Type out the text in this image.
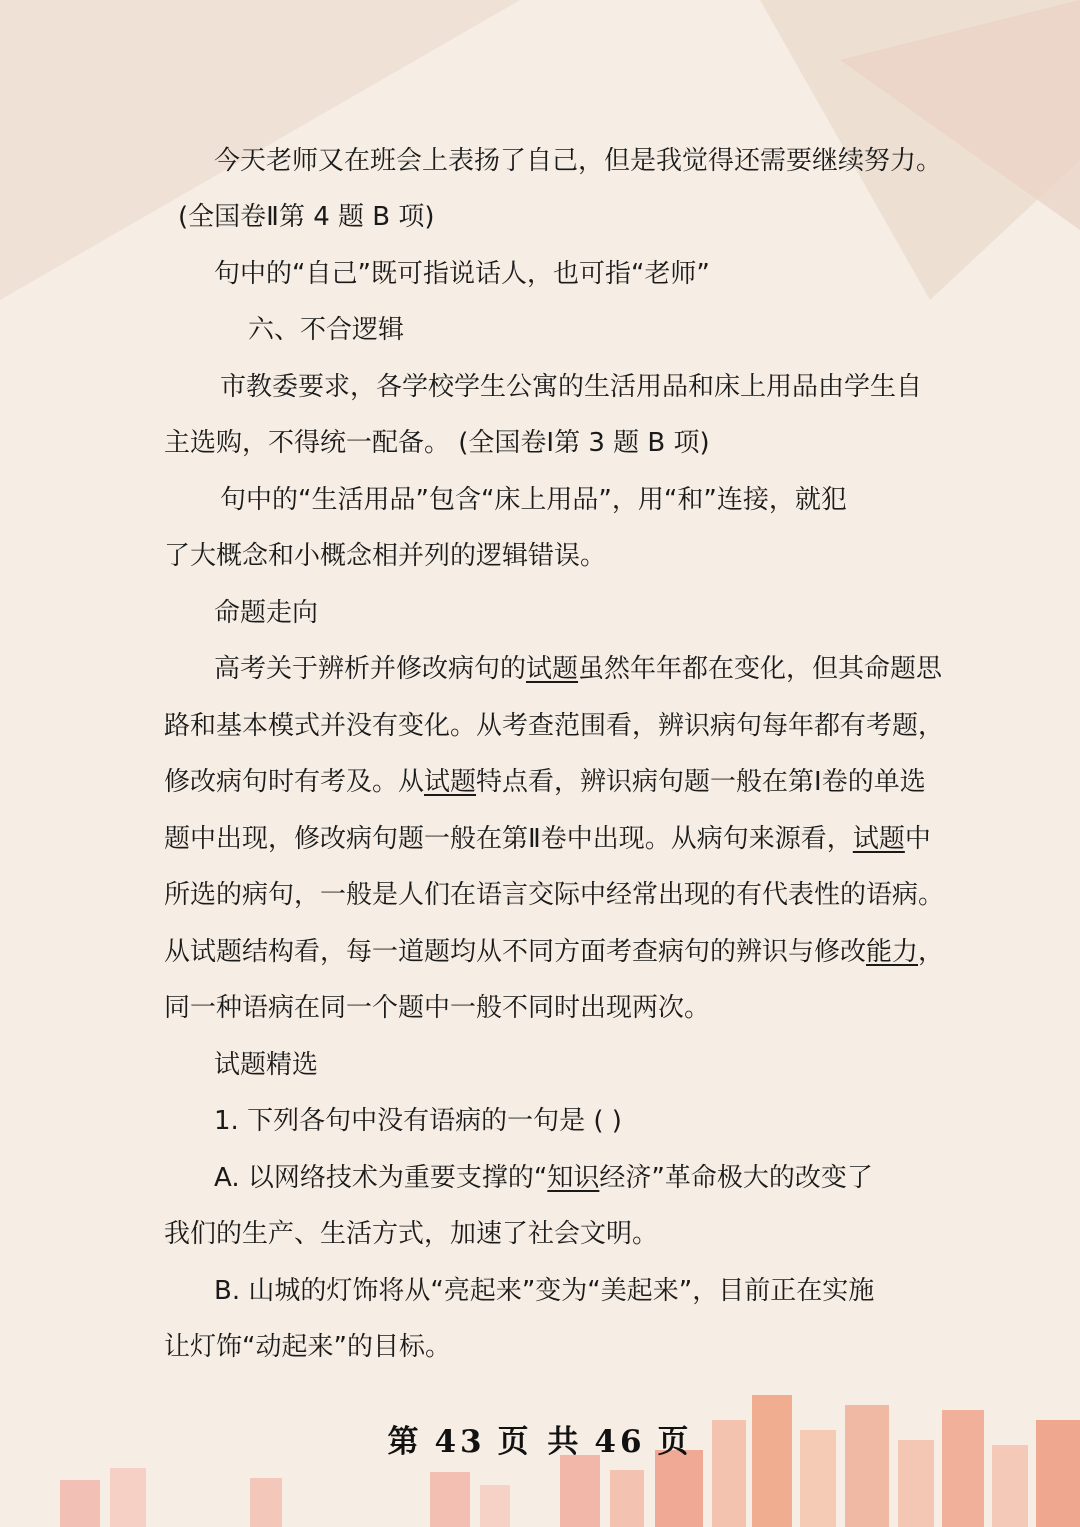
今天老师又在班会上表扬了自己，但是我觉得还需要继续努力。
(全国卷Ⅱ第 4 题 B 项)
句中的“自己”既可指说话人，也可指“老师”
六、不合逻辑
市教委要求，各学校学生公寓的生活用品和床上用品由学生自
主选购，不得统一配备。 (全国卷Ⅰ第 3 题 B 项)
句中的“生活用品”包含“床上用品”，用“和”连接，就犯
了大概念和小概念相并列的逻辑错误。
命题走向
高考关于辨析并修改病句的试题虽然年年都在变化，但其命题思
路和基本模式并没有变化。从考查范围看，辨识病句每年都有考题，
修改病句时有考及。从试题特点看，辨识病句题一般在第Ⅰ卷的单选
题中出现，修改病句题一般在第Ⅱ卷中出现。从病句来源看，试题中
所选的病句，一般是人们在语言交际中经常出现的有代表性的语病。
从试题结构看，每一道题均从不同方面考查病句的辨识与修改能力，
同一种语病在同一个题中一般不同时出现两次。
试题精选
1. 下列各句中没有语病的一句是 ( )
A. 以网络技术为重要支撑的“知识经济”革命极大的改变了
我们的生产、生活方式，加速了社会文明。
B. 山城的灯饰将从“亮起来”变为“美起来”，目前正在实施
让灯饰“动起来”的目标。
第 43 页 共 46 页
